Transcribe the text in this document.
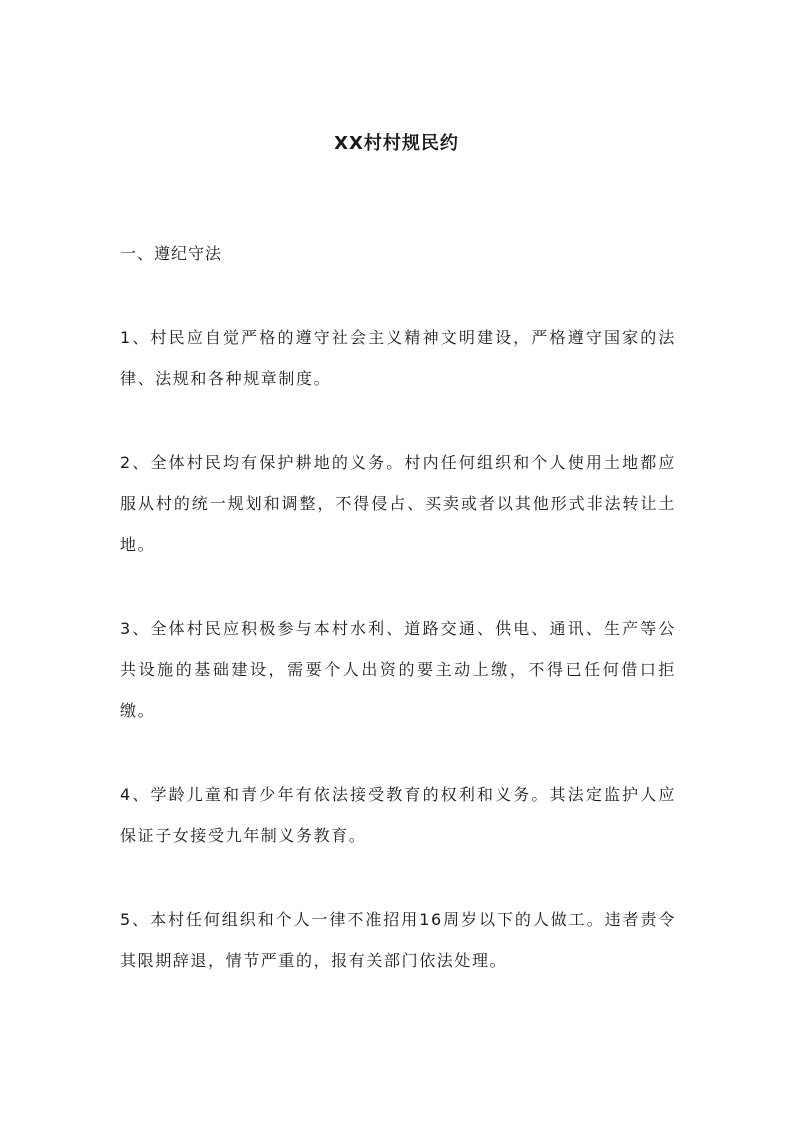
XX村村规民约
一、遵纪守法

1、村民应自觉严格的遵守社会主义精神文明建设，严格遵守国家的法律、法规和各种规章制度。

2、全体村民均有保护耕地的义务。村内任何组织和个人使用土地都应服从村的统一规划和调整，不得侵占、买卖或者以其他形式非法转让土地。

3、全体村民应积极参与本村水利、道路交通、供电、通讯、生产等公共设施的基础建设，需要个人出资的要主动上缴，不得已任何借口拒缴。

4、学龄儿童和青少年有依法接受教育的权利和义务。其法定监护人应保证子女接受九年制义务教育。

5、本村任何组织和个人一律不准招用16周岁以下的人做工。违者责令其限期辞退，情节严重的，报有关部门依法处理。
